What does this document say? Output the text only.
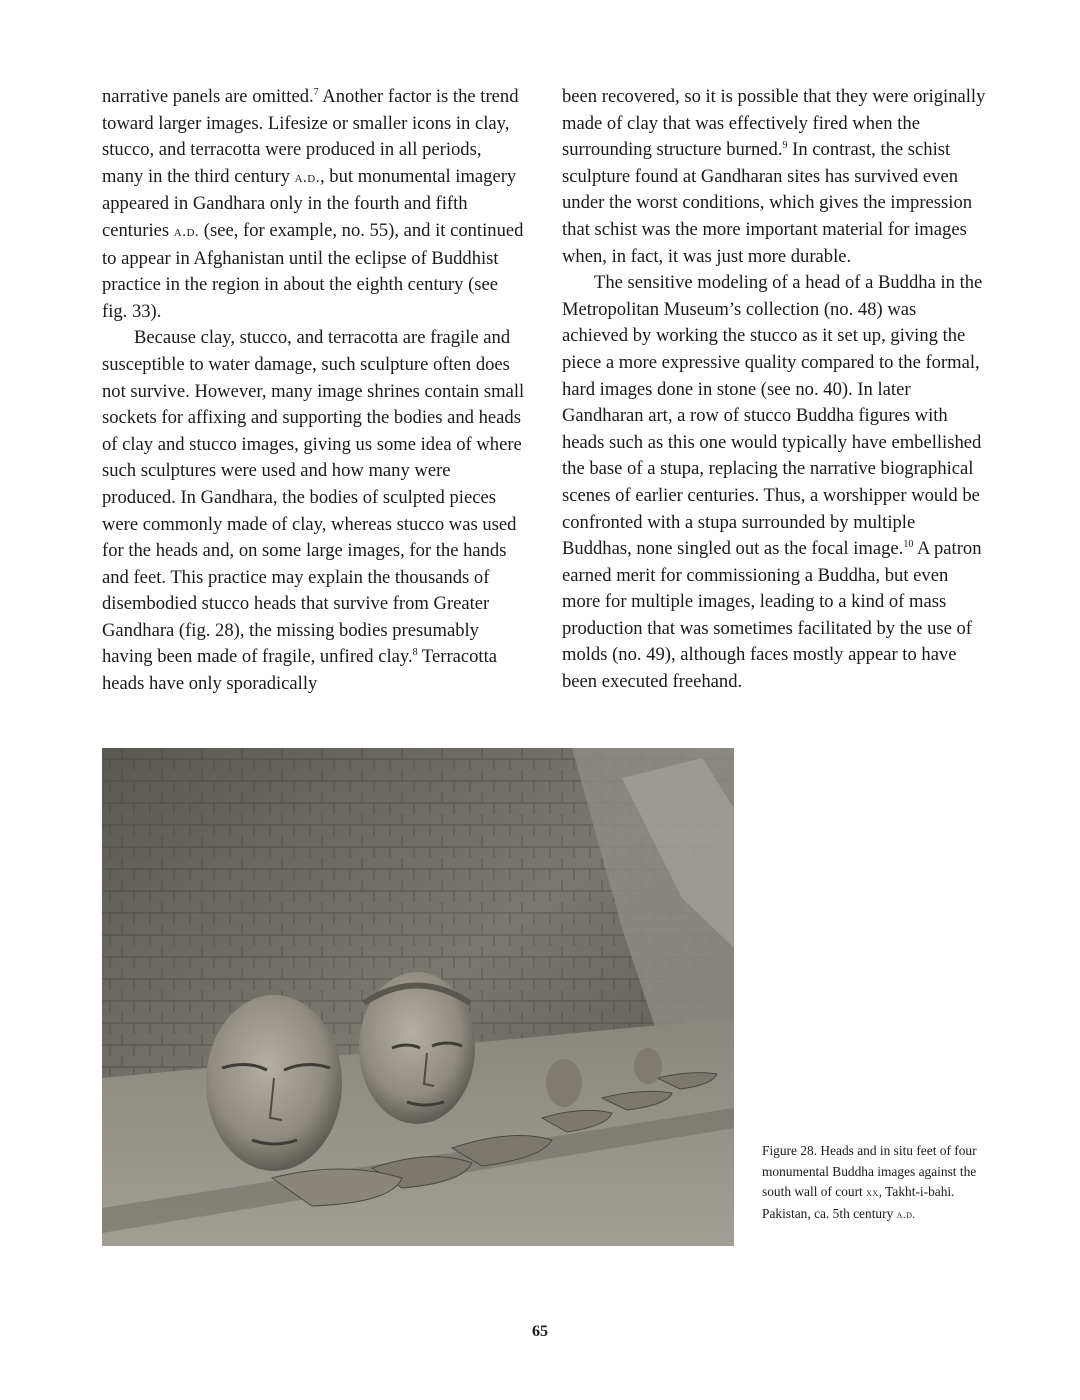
narrative panels are omitted.$^7$ Another factor is the trend toward larger images. Lifesize or smaller icons in clay, stucco, and terracotta were produced in all periods, many in the third century a.d., but monumental imagery appeared in Gandhara only in the fourth and fifth centuries a.d. (see, for example, no. 55), and it continued to appear in Afghanistan until the eclipse of Buddhist practice in the region in about the eighth century (see fig. 33).

Because clay, stucco, and terracotta are fragile and susceptible to water damage, such sculpture often does not survive. However, many image shrines contain small sockets for affixing and supporting the bodies and heads of clay and stucco images, giving us some idea of where such sculptures were used and how many were produced. In Gandhara, the bodies of sculpted pieces were commonly made of clay, whereas stucco was used for the heads and, on some large images, for the hands and feet. This practice may explain the thousands of disembodied stucco heads that survive from Greater Gandhara (fig. 28), the missing bodies presumably having been made of fragile, unfired clay.$^8$ Terracotta heads have only sporadically

been recovered, so it is possible that they were originally made of clay that was effectively fired when the surrounding structure burned.$^9$ In contrast, the schist sculpture found at Gandharan sites has survived even under the worst conditions, which gives the impression that schist was the more important material for images when, in fact, it was just more durable.

The sensitive modeling of a head of a Buddha in the Metropolitan Museum’s collection (no. 48) was achieved by working the stucco as it set up, giving the piece a more expressive quality compared to the formal, hard images done in stone (see no. 40). In later Gandharan art, a row of stucco Buddha figures with heads such as this one would typically have embellished the base of a stupa, replacing the narrative biographical scenes of earlier centuries. Thus, a worshipper would be confronted with a stupa surrounded by multiple Buddhas, none singled out as the focal image.$^{10}$ A patron earned merit for commissioning a Buddha, but even more for multiple images, leading to a kind of mass production that was sometimes facilitated by the use of molds (no. 49), although faces mostly appear to have been executed freehand.

Figure 28. Heads and in situ feet of four monumental Buddha images against the south wall of court xx, Takht-i-bahi. Pakistan, ca. 5th century a.d.
65
